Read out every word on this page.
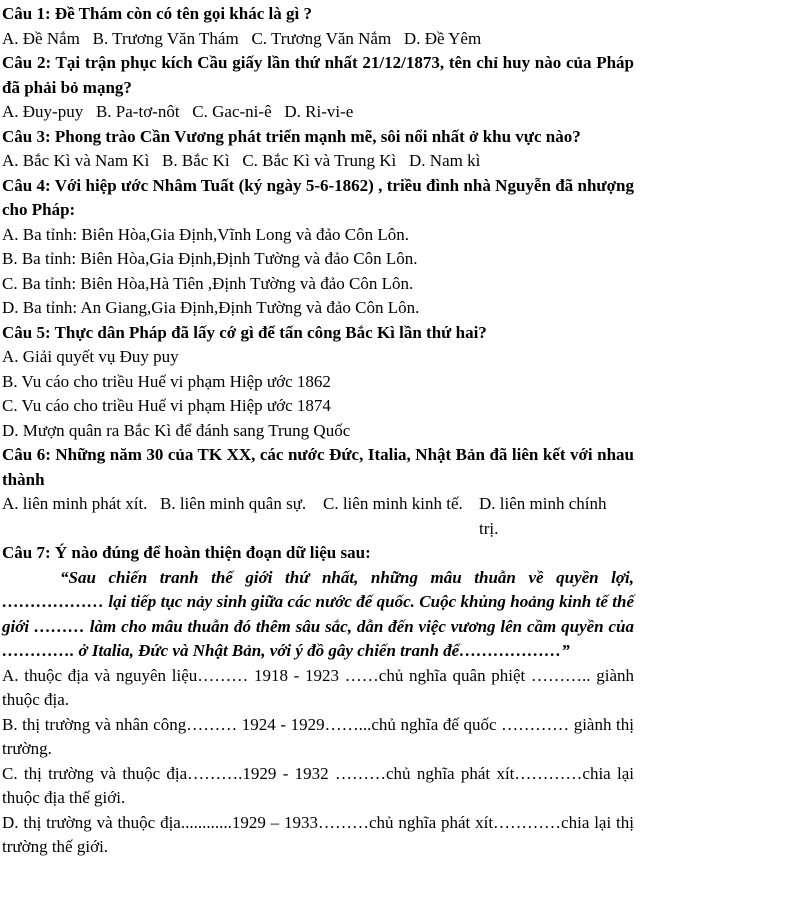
Câu 1: Đề Thám còn có tên gọi khác là gì ?
A. Đề Nắm   B. Trương Văn Thám   C. Trương Văn Nắm   D. Đề Yêm
Câu 2: Tại trận phục kích Cầu giấy lần thứ nhất 21/12/1873, tên chỉ huy nào của Pháp đã phải bỏ mạng?
A. Đuy-puy   B. Pa-tơ-nôt   C. Gac-ni-ê   D. Ri-vi-e
Câu 3: Phong trào Cần Vương phát triển mạnh mẽ, sôi nổi nhất ở khu vực nào?
A. Bắc Kì và Nam Kì   B. Bắc Kì   C. Bắc Kì và Trung Kì   D. Nam kì
Câu 4: Với hiệp ước Nhâm Tuất (ký ngày 5-6-1862) , triều đình nhà Nguyễn đã nhượng cho Pháp:
A. Ba tỉnh: Biên Hòa,Gia Định,Vĩnh Long và đảo Côn Lôn.
B. Ba tỉnh: Biên Hòa,Gia Định,Định Tường và đảo Côn Lôn.
C. Ba tỉnh: Biên Hòa,Hà Tiên ,Định Tường và đảo Côn Lôn.
D. Ba tỉnh: An Giang,Gia Định,Định Tường và đảo Côn Lôn.
Câu 5: Thực dân Pháp đã lấy cớ gì để tấn công Bắc Kì lần thứ hai?
A. Giải quyết vụ Đuy puy
B. Vu cáo cho triều Huế vi phạm Hiệp ước 1862
C. Vu cáo cho triều Huế vi phạm Hiệp ước 1874
D. Mượn quân ra Bắc Kì để đánh sang Trung Quốc
Câu 6: Những năm 30 của TK XX, các nước Đức, Italia, Nhật Bản đã liên kết với nhau thành
A. liên minh phát xít. B. liên minh quân sự. C. liên minh kinh tế. D. liên minh chính trị.
Câu 7: Ý nào đúng để hoàn thiện đoạn dữ liệu sau:
“Sau chiến tranh thế giới thứ nhất, những mâu thuẫn về quyền lợi, ……………… lại tiếp tục nảy sinh giữa các nước đế quốc. Cuộc khủng hoảng kinh tế thế giới ……… làm cho mâu thuẫn đó thêm sâu sắc, dẫn đến việc vương lên cầm quyền của …………. ở Italia, Đức và Nhật Bản, với ý đồ gây chiến tranh để………………”
A. thuộc địa và nguyên liệu……… 1918 - 1923 ……chủ nghĩa quân phiệt ……….. giành thuộc địa.
B. thị trường và nhân công……… 1924 - 1929……...chủ nghĩa đế quốc ………… giành thị trường.
C. thị trường và thuộc địa……….1929 - 1932 ………chủ nghĩa phát xít…………chia lại thuộc địa thế giới.
D. thị trường và thuộc địa............1929 – 1933………chủ nghĩa phát xít…………chia lại thị trường thế giới.
